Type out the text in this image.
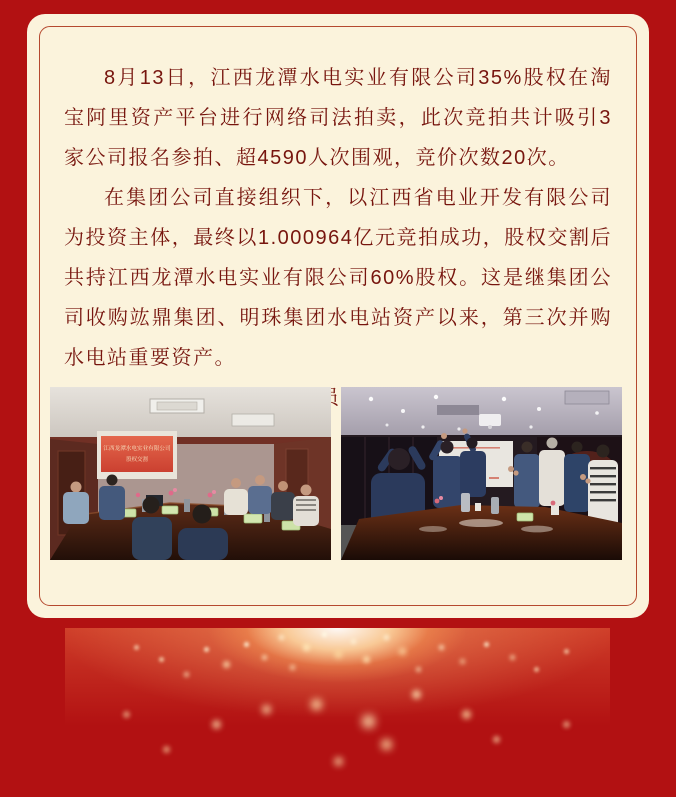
8月13日，江西龙潭水电实业有限公司35%股权在淘宝阿里资产平台进行网络司法拍卖，此次竞拍共计吸引3家公司报名参拍、超4590人次围观，竞价次数20次。

在集团公司直接组织下，以江西省电业开发有限公司为投资主体，最终以1.000964亿元竞拍成功，股权交割后共持江西龙潭水电实业有限公司60%股权。这是继集团公司收购竑鼎集团、明珠集团水电站资产以来，第三次并购水电站重要资产。

江西龙潭水电实业有限公司
股权交割
